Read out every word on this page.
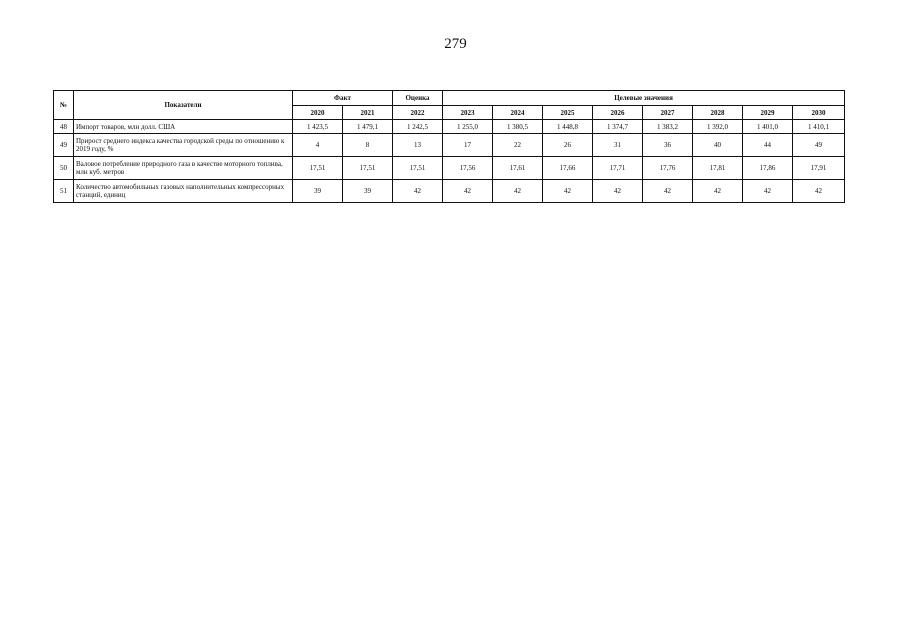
279
№	Показатели	Факт		Оценка	Целевые значения							
		2020	2021	2022	2023	2024	2025	2026	2027	2028	2029	2030
48	Импорт товаров, млн долл. США	1 423,5	1 479,1	1 242,5	1 255,0	1 380,5	1 448,8	1 374,7	1 383,2	1 392,0	1 401,0	1 410,1
49	Прирост среднего индекса качества городской среды по отношению к 2019 году, %	4	8	13	17	22	26	31	36	40	44	49
50	Валовое потребление природного газа в качестве моторного топлива, млн куб. метров	17,51	17,51	17,51	17,56	17,61	17,66	17,71	17,76	17,81	17,86	17,91
51	Количество автомобильных газовых наполнительных компрессорных станций, единиц	39	39	42	42	42	42	42	42	42	42	42
